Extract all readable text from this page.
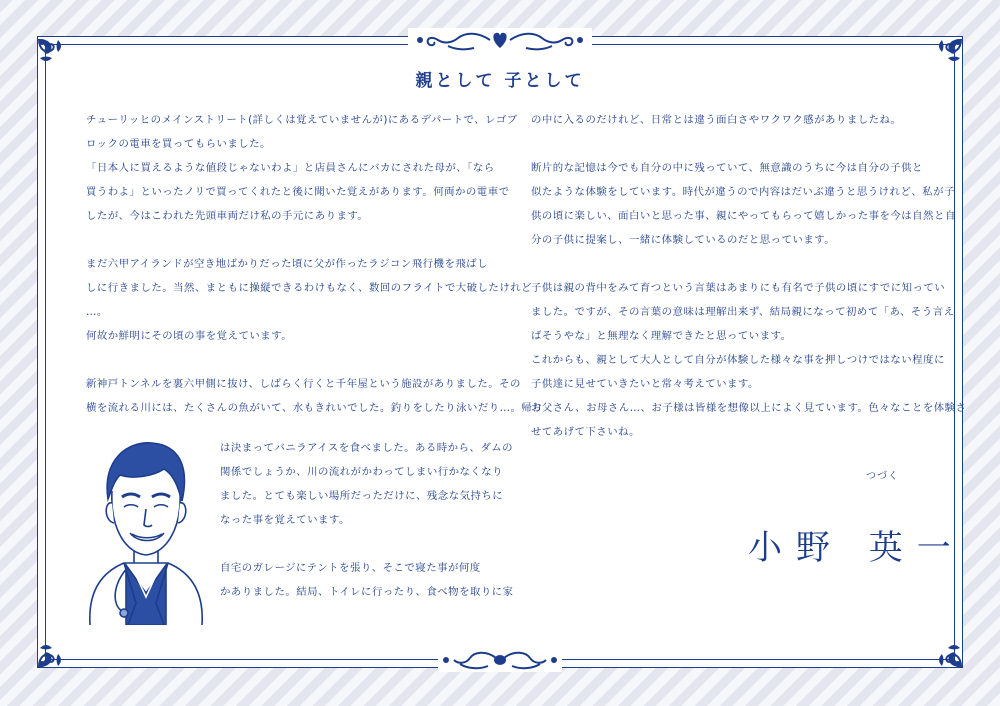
親として 子として

チューリッヒのメインストリート(詳しくは覚えていませんが)にあるデパートで、レゴブ

ロックの電車を買ってもらいました。

「日本人に買えるような値段じゃないわよ」と店員さんにバカにされた母が、「なら

買うわよ」といったノリで買ってくれたと後に聞いた覚えがあります。何両かの電車で

したが、今はこわれた先頭車両だけ私の手元にあります。

まだ六甲アイランドが空き地ばかりだった頃に父が作ったラジコン飛行機を飛ばし

しに行きました。当然、まともに操縦できるわけもなく、数回のフライトで大破したけれど

…。

何故か鮮明にその頃の事を覚えています。

新神戸トンネルを裏六甲側に抜け、しばらく行くと千年屋という施設がありました。その

横を流れる川には、たくさんの魚がいて、水もきれいでした。釣りをしたり泳いだり…。帰り

は決まってバニラアイスを食べました。ある時から、ダムの

関係でしょうか、川の流れがかわってしまい行かなくなり

ました。とても楽しい場所だっただけに、残念な気持ちに

なった事を覚えています。

自宅のガレージにテントを張り、そこで寝た事が何度

かありました。結局、トイレに行ったり、食べ物を取りに家

の中に入るのだけれど、日常とは違う面白さやワクワク感がありましたね。

断片的な記憶は今でも自分の中に残っていて、無意識のうちに今は自分の子供と

似たような体験をしています。時代が違うので内容はだいぶ違うと思うけれど、私が子

供の頃に楽しい、面白いと思った事、親にやってもらって嬉しかった事を今は自然と自

分の子供に提案し、一緒に体験しているのだと思っています。

子供は親の背中をみて育つという言葉はあまりにも有名で子供の頃にすでに知ってい

ました。ですが、その言葉の意味は理解出来ず、結局親になって初めて「あ、そう言え

ばそうやな」と無理なく理解できたと思っています。

これからも、親として大人として自分が体験した様々な事を押しつけではない程度に

子供達に見せていきたいと常々考えています。

お父さん、お母さん…、お子様は皆様を想像以上によく見ています。色々なことを体験さ

せてあげて下さいね。

つづく
小野 英一
